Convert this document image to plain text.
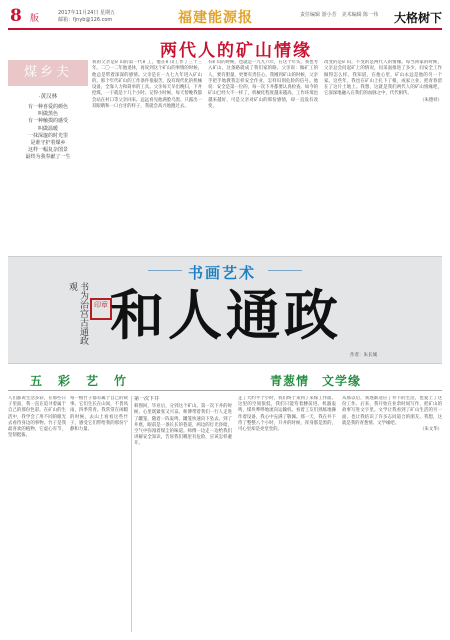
8 版
2017年11月24日 星期五
邮箱：fjnyb@126.com	福建能源报	责任编辑 游小芳　美术编辑 陈一伟 大格树下
两代人的矿山情缘
煤乡夫
·黄汉林
有一种喜爱的颜色
叫做黑色
有一种触摸的感受
叫做温暖
一抹深邃的时光里
是谁守护着煤乡
这样一幅复杂图景
最终为我奉献了一生
我的父亲是矿山的第一代矿工，他在矿山工作了三十三年。二〇一二年他退休，再说到这个矿山的事情的时候，他总是带着深深的感情。父亲是在一九七九年进入矿山的。那个年代矿山的工作条件很艰苦，没有现代化的机械设备，全靠人力和简单的工具。父亲每天早出晚归，下井挖煤，一干就是十几个小时。记得小时候，每天傍晚我都会站在村口等父亲回来。远远看见他满脸乌黑、只露出一双眼睛和一口白牙的样子，我就会高兴地跑过去。
有矿山的时候，也就是一九九六年，在这个年头，我也考入矿山，这条路就成了我们家的路。父亲说：做矿工的人，要有胆量，更要有责任心。我刚到矿山的时候，父亲手把手地教我怎样安全作业，怎样识别危险的信号。他说：安全是第一位的，每一次下井都要认真检查。如今的矿山已经大不一样了，机械化程度越来越高，工作环境也越来越好，可是父亲对矿山的那份感情，却一直没有改变。
改变的是矿山，不变的是两代人的情缘。每当回家的时候，父亲总会问起矿上的情况，问采面推进了多少，问安全工作做得怎么样。我知道，在他心里，矿山永远是他的另一个家。这些年，我也在矿山上扎下了根，成家立业，把青春留在了这片土地上。我想，这就是我们两代人的矿山情缘吧，它深深地融入在我们的血脉之中，代代相传。
（朱德祥）
书画艺术
书为治宫古通政观
印章 和人通政
作者：朱长城
五　彩　艺　竹	青葱情　文学缘
人们都说生活多彩，在那些日子里面，我一直在追寻着属于自己的那份色彩。在矿山的生活中，我学会了用不同的眼光去看待身边的事物。竹子是我最喜欢的植物，它虚心有节，坚韧挺拔。
每一根竹子都有属于自己的故事。它们生长在山间，不畏风雨，四季常青。我常常在闲暇的时候，去山上看看这些竹子，感受它们带给我的那份宁静和力量。
第一次下井
韩图回，毕业后，分到这个矿山。第一次下井的时候，心里既紧张又兴奋。师傅带着我们一行人走进了罐笼，随着一阵轰鸣，罐笼快速向下坠去。到了井底，眼前是一条长长的巷道，两边的灯光昏暗，空气中弥漫着煤尘的味道。师傅一边走一边给我们讲解安全知识，告诉我们哪里有危险，应该怎样避开。
走了大约半个小时，我们终于来到了采煤工作面。这里的空间很低，我们只能弯着腰前进。机器轰鸣，煤块哗哗地流向运输机。看着工友们熟练地操作着设备，我心中充满了敬佩。那一天，我在井下待了整整八个小时，升井的时候，浑身都是黑的，可心里却是亮堂堂的。
从那以后，我逐渐适应了井下的生活，也爱上了这份工作。后来，我开始在业余时间写作，把矿山的故事写进文字里。文学让我看到了矿山生活的另一面，也让我结识了许多志同道合的朋友。我想，这就是我的青葱情、文学缘吧。
（朱文华）
